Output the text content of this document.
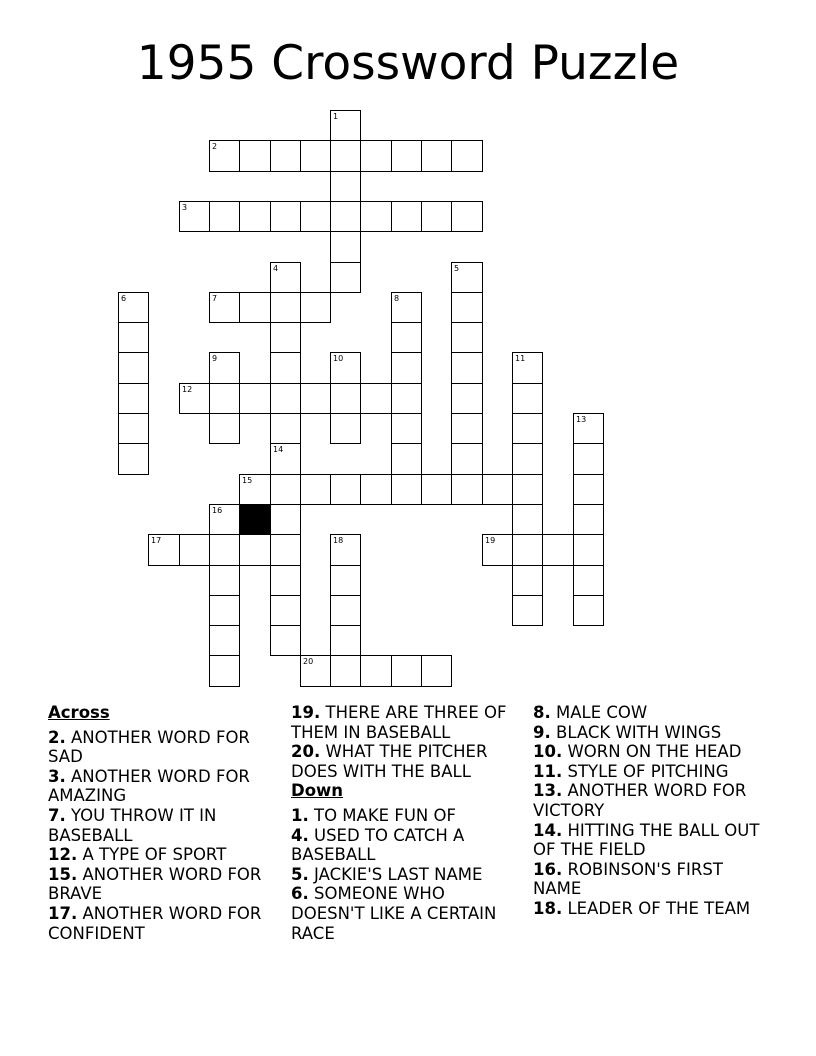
1955 Crossword Puzzle
1
2
3
4
14
5
6	7	8
9	10	11
12
13
15
16
17	18	19
20
Across
2. ANOTHER WORD FOR SAD
3. ANOTHER WORD FOR AMAZING
7. YOU THROW IT IN BASEBALL
12. A TYPE OF SPORT
15. ANOTHER WORD FOR BRAVE
17. ANOTHER WORD FOR CONFIDENT
19. THERE ARE THREE OF THEM IN BASEBALL
20. WHAT THE PITCHER DOES WITH THE BALL
Down
1. TO MAKE FUN OF
4. USED TO CATCH A BASEBALL
5. JACKIE'S LAST NAME
6. SOMEONE WHO DOESN'T LIKE A CERTAIN RACE
8. MALE COW
9. BLACK WITH WINGS
10. WORN ON THE HEAD
11. STYLE OF PITCHING
13. ANOTHER WORD FOR VICTORY
14. HITTING THE BALL OUT OF THE FIELD
16. ROBINSON'S FIRST NAME
18. LEADER OF THE TEAM
